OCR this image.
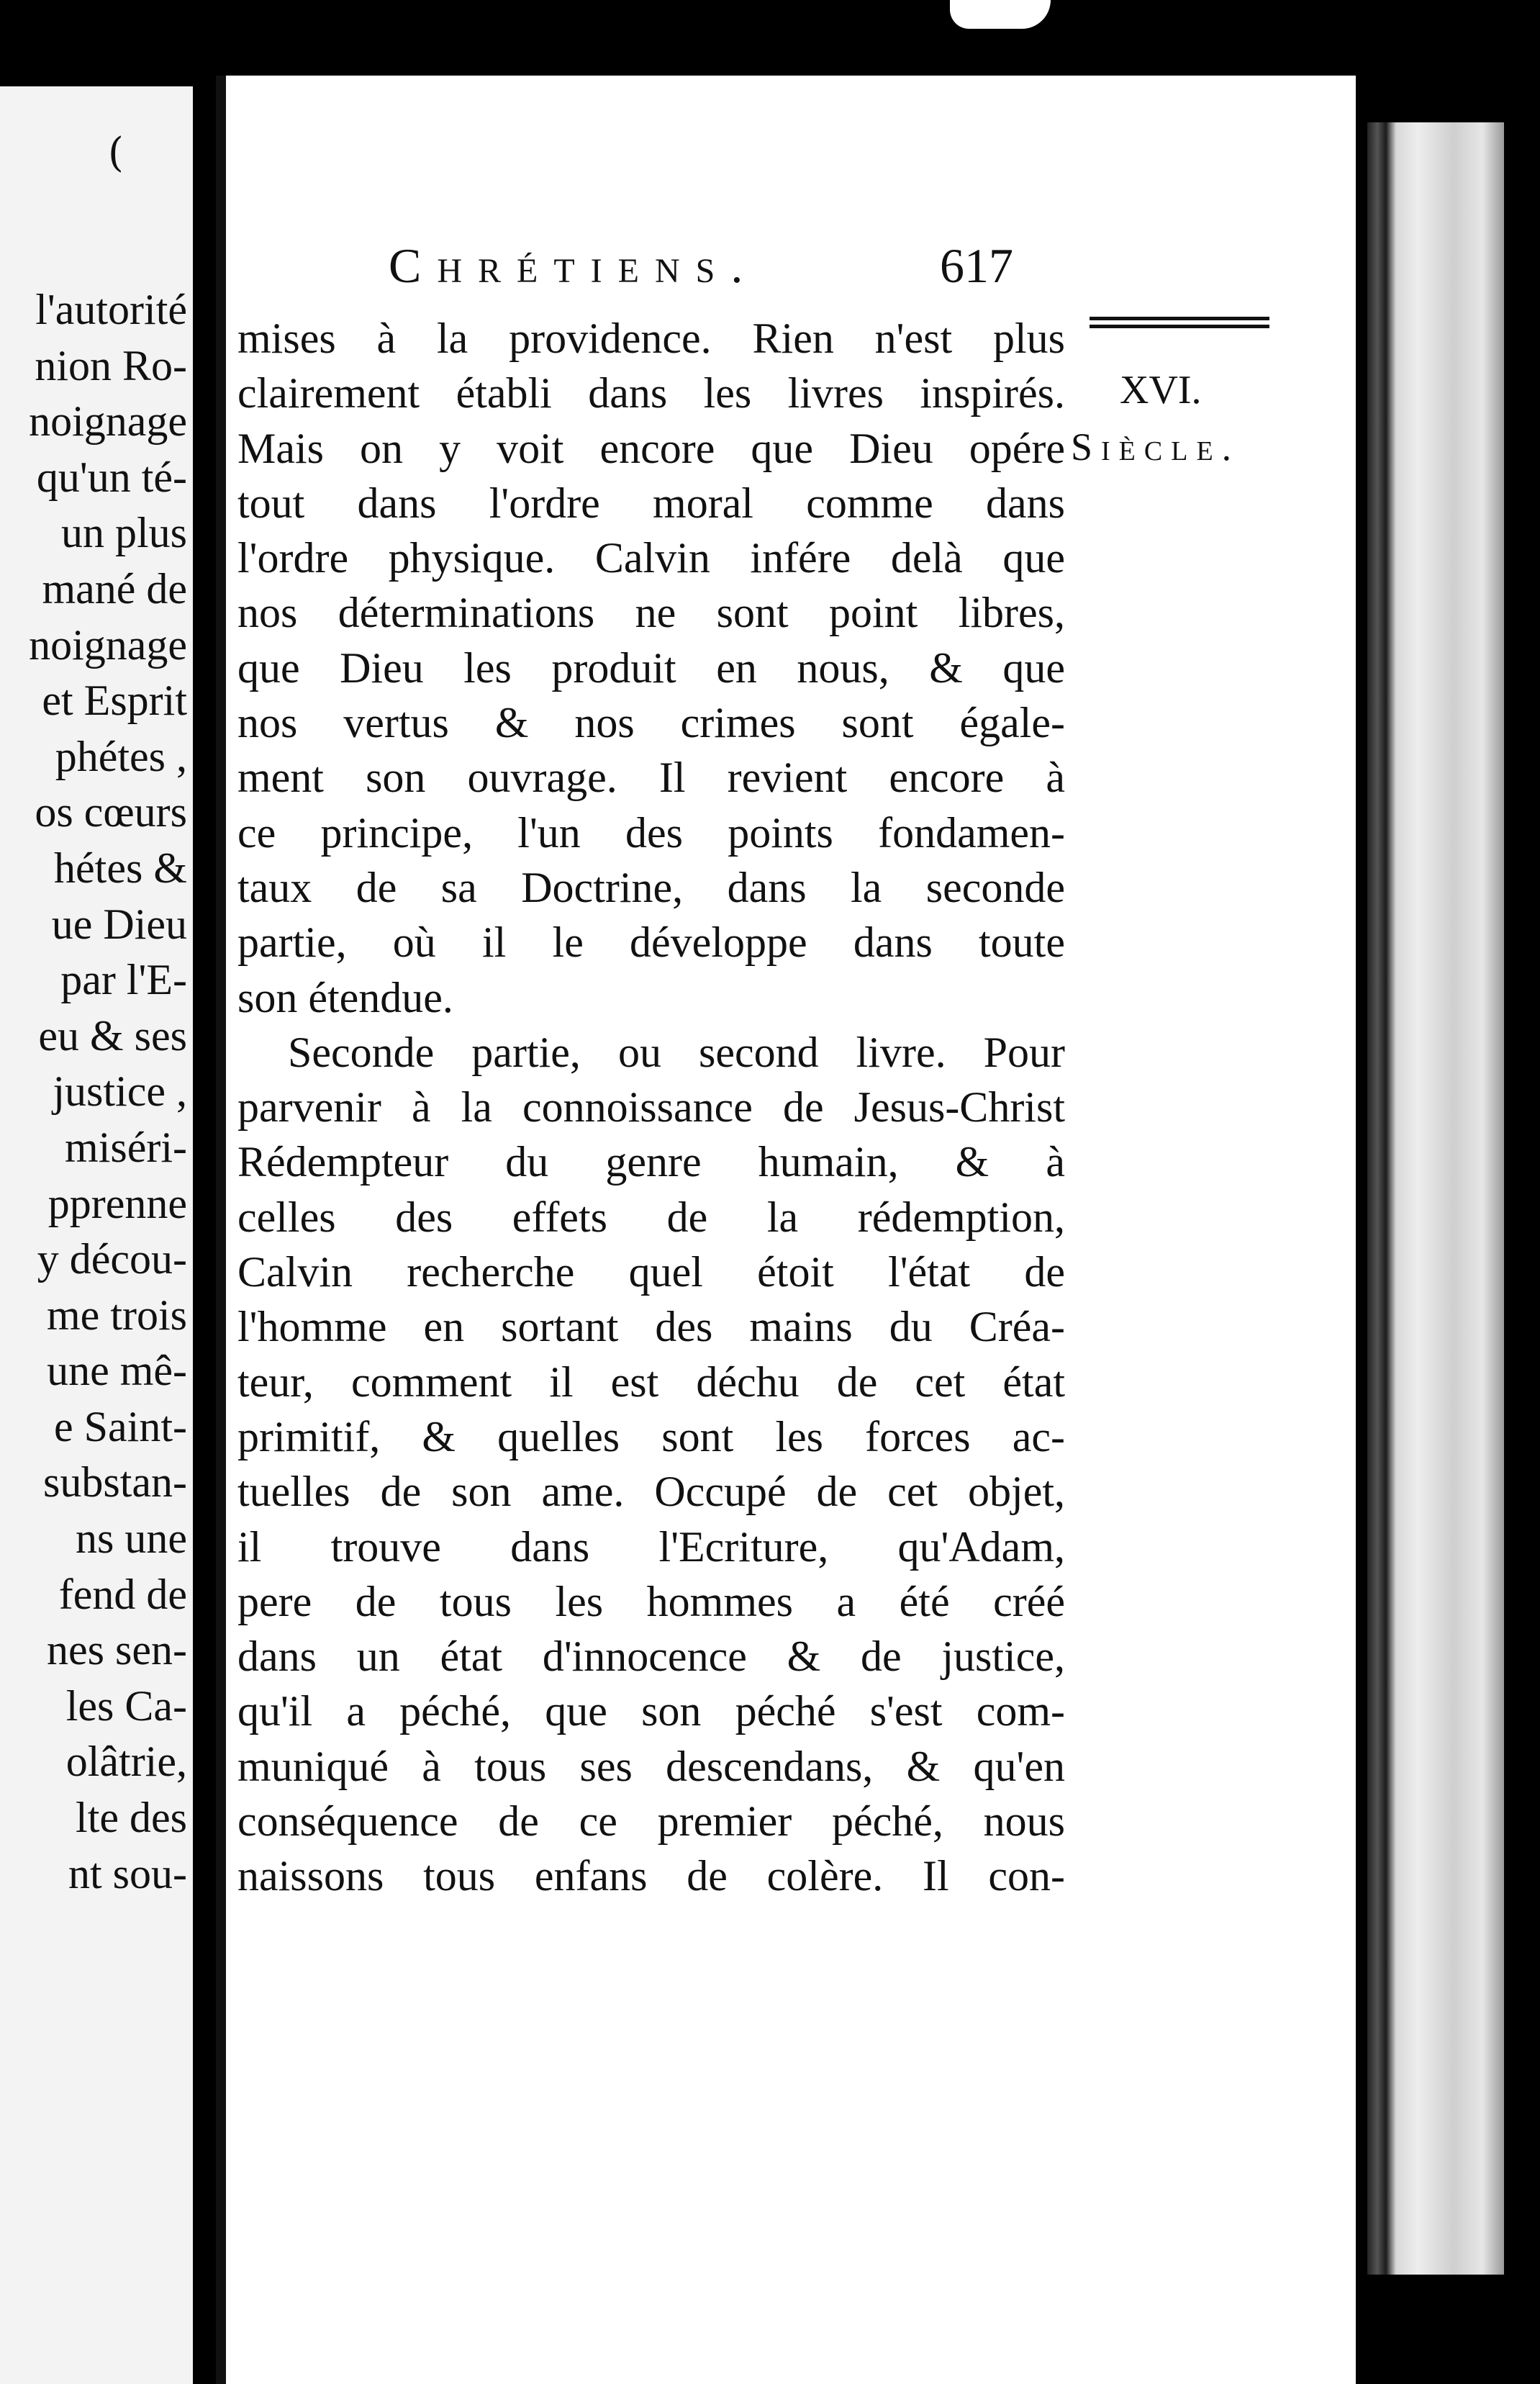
(
l'autorité
nion Ro-
noignage
qu'un té-
un plus
mané de
noignage
et Esprit
phétes ,
os cœurs
hétes &
ue Dieu
par l'E-
eu & ses
justice ,
miséri-
pprenne
y décou-
me trois
une mê-
e Saint-
substan-
ns une
fend de
nes sen-
les Ca-
olâtrie,
lte des
nt sou-
Chrétiens.	617
XVI.
Siècle.
mises à la providence. Rien n'est plus
clairement établi dans les livres inspirés.
Mais on y voit encore que Dieu opére
tout dans l'ordre moral comme dans
l'ordre physique. Calvin infére delà que
nos déterminations ne sont point libres,
que Dieu les produit en nous, & que
nos vertus & nos crimes sont égale-
ment son ouvrage. Il revient encore à
ce principe, l'un des points fondamen-
taux de sa Doctrine, dans la seconde
partie, où il le développe dans toute
son étendue.
Seconde partie, ou second livre. Pour
parvenir à la connoissance de Jesus-Christ
Rédempteur du genre humain, & à
celles des effets de la rédemption,
Calvin recherche quel étoit l'état de
l'homme en sortant des mains du Créa-
teur, comment il est déchu de cet état
primitif, & quelles sont les forces ac-
tuelles de son ame. Occupé de cet objet,
il trouve dans l'Ecriture, qu'Adam,
pere de tous les hommes a été créé
dans un état d'innocence & de justice,
qu'il a péché, que son péché s'est com-
muniqué à tous ses descendans, & qu'en
conséquence de ce premier péché, nous
naissons tous enfans de colère. Il con-
